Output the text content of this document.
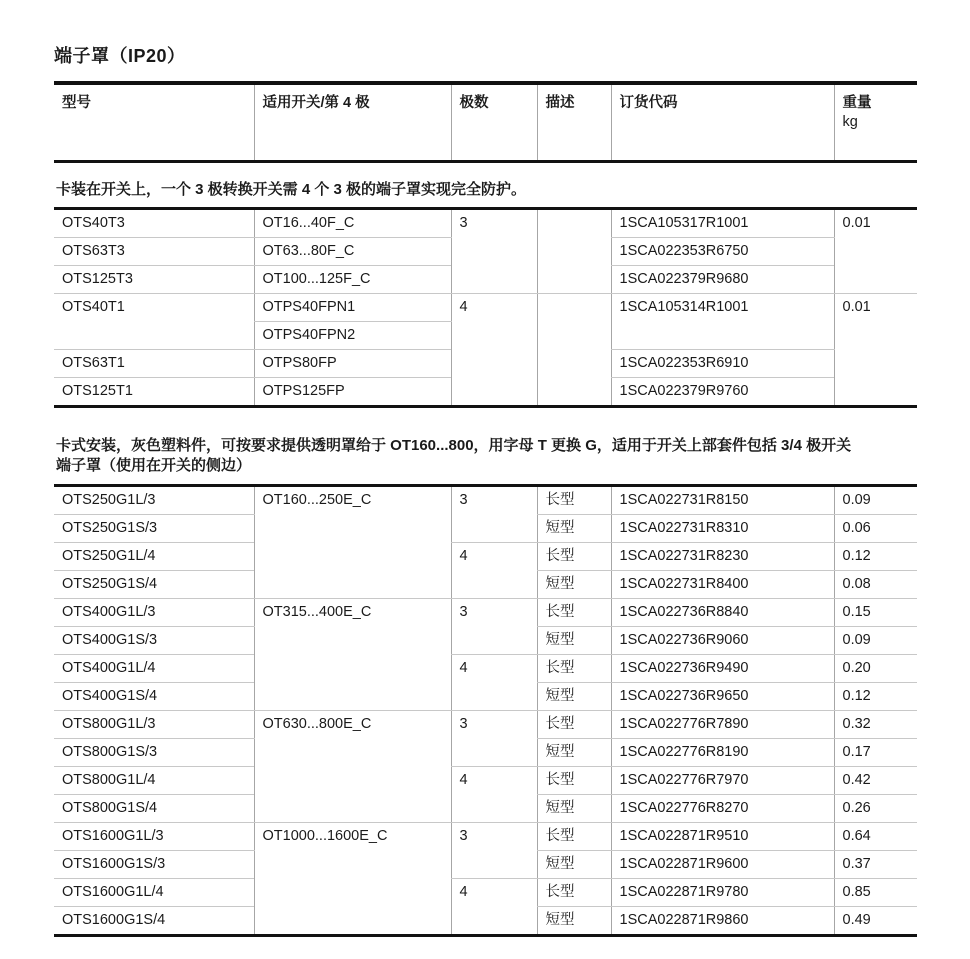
端子罩（IP20）
型号	适用开关/第 4 极	极数	描述	订货代码	重量
kg

卡装在开关上，一个 3 极转换开关需 4 个 3 极的端子罩实现完全防护。

OTS40T3	OT16...40F_C	3		1SCA105317R1001	0.01
OTS63T3	OT63...80F_C			1SCA022353R6750	
OTS125T3	OT100...125F_C			1SCA022379R9680	
OTS40T1	OTPS40FPN1	4		1SCA105314R1001	0.01
	OTPS40FPN2				
OTS63T1	OTPS80FP			1SCA022353R6910	
OTS125T1	OTPS125FP			1SCA022379R9760	

卡式安装，灰色塑料件，可按要求提供透明罩给于 OT160...800，用字母 T 更换 G，适用于开关上部套件包括 3/4 极开关
端子罩（使用在开关的侧边）

OTS250G1L/3	OT160...250E_C	3	长型	1SCA022731R8150	0.09
OTS250G1S/3			短型	1SCA022731R8310	0.06
OTS250G1L/4		4	长型	1SCA022731R8230	0.12
OTS250G1S/4			短型	1SCA022731R8400	0.08
OTS400G1L/3	OT315...400E_C	3	长型	1SCA022736R8840	0.15
OTS400G1S/3			短型	1SCA022736R9060	0.09
OTS400G1L/4		4	长型	1SCA022736R9490	0.20
OTS400G1S/4			短型	1SCA022736R9650	0.12
OTS800G1L/3	OT630...800E_C	3	长型	1SCA022776R7890	0.32
OTS800G1S/3			短型	1SCA022776R8190	0.17
OTS800G1L/4		4	长型	1SCA022776R7970	0.42
OTS800G1S/4			短型	1SCA022776R8270	0.26
OTS1600G1L/3	OT1000...1600E_C	3	长型	1SCA022871R9510	0.64
OTS1600G1S/3			短型	1SCA022871R9600	0.37
OTS1600G1L/4		4	长型	1SCA022871R9780	0.85
OTS1600G1S/4			短型	1SCA022871R9860	0.49
